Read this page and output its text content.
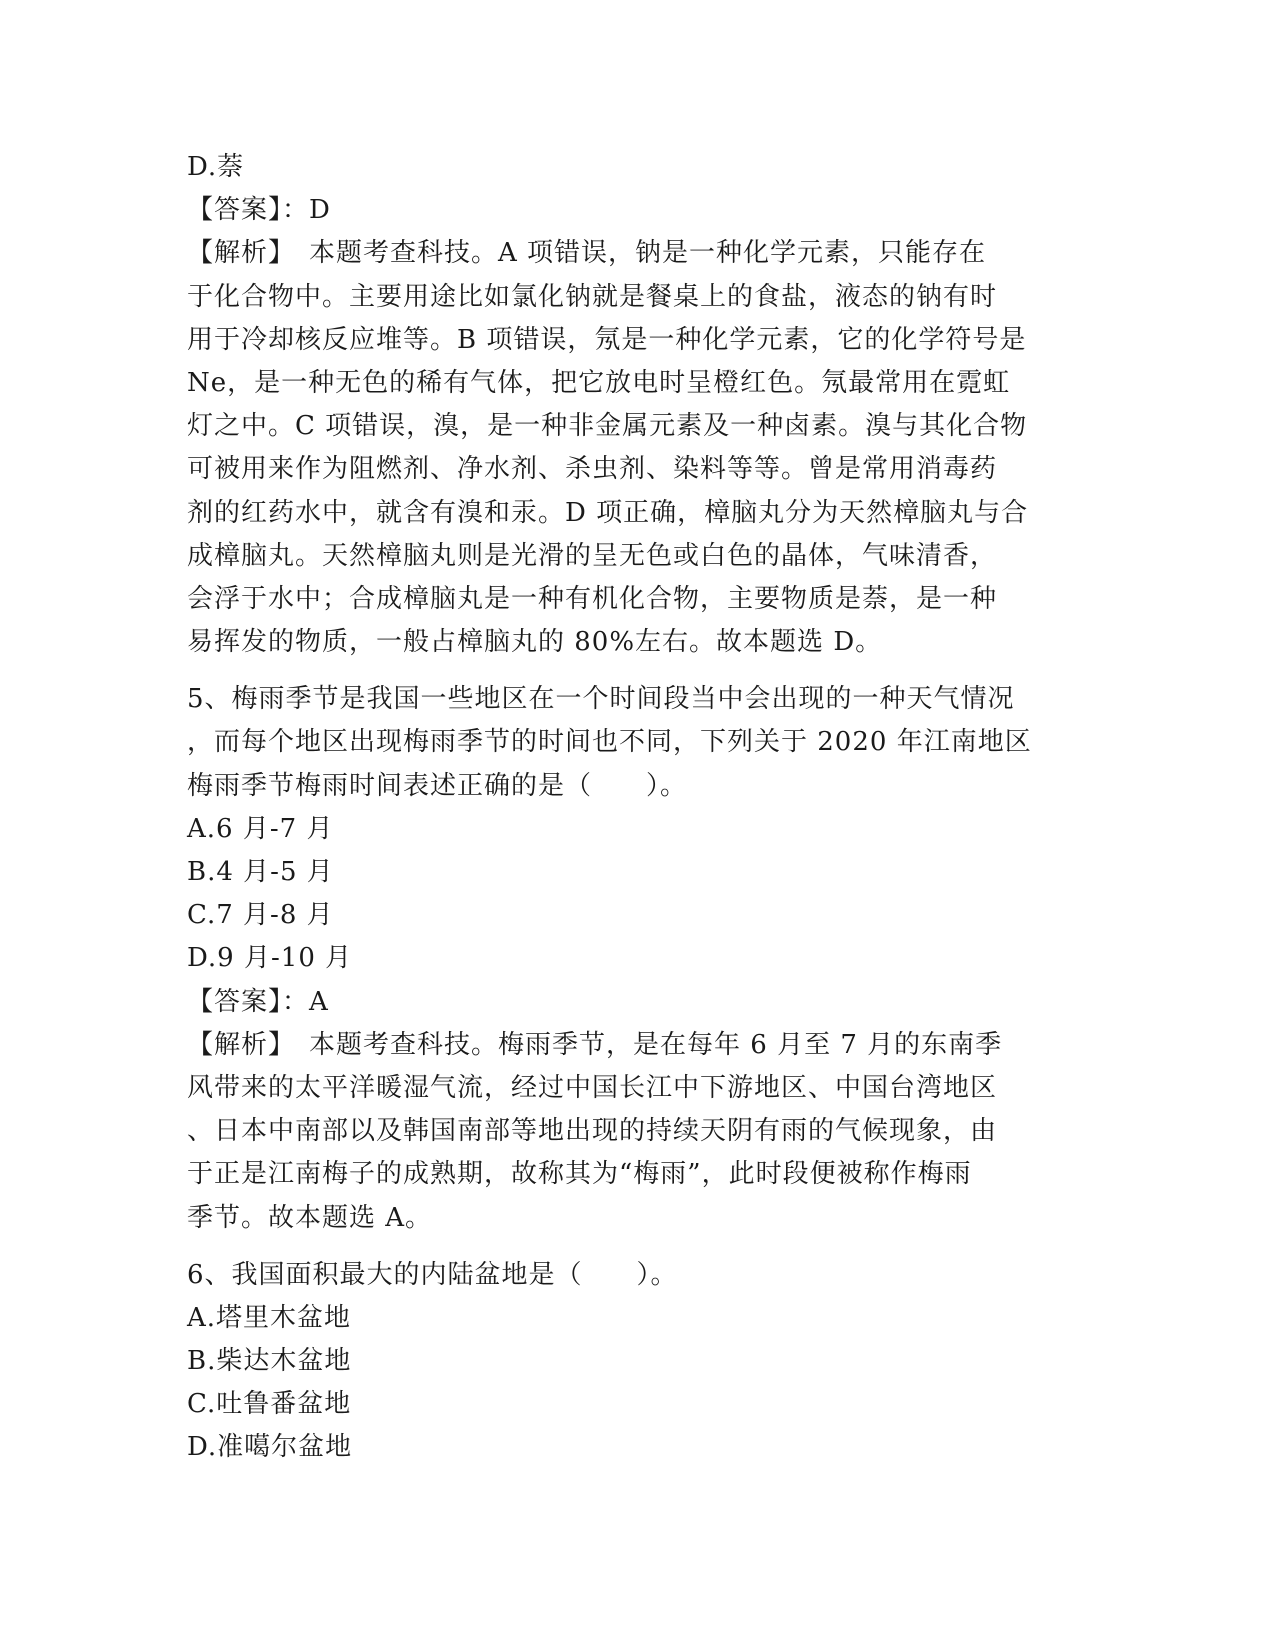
D.萘
【答案】：D
【解析】　本题考查科技。A 项错误，钠是一种化学元素，只能存在
于化合物中。主要用途比如氯化钠就是餐桌上的食盐，液态的钠有时
用于冷却核反应堆等。B 项错误，氖是一种化学元素，它的化学符号是
Ne，是一种无色的稀有气体，把它放电时呈橙红色。氖最常用在霓虹
灯之中。C 项错误，溴，是一种非金属元素及一种卤素。溴与其化合物
可被用来作为阻燃剂、净水剂、杀虫剂、染料等等。曾是常用消毒药
剂的红药水中，就含有溴和汞。D 项正确，樟脑丸分为天然樟脑丸与合
成樟脑丸。天然樟脑丸则是光滑的呈无色或白色的晶体，气味清香，
会浮于水中；合成樟脑丸是一种有机化合物，主要物质是萘，是一种
易挥发的物质，一般占樟脑丸的 80%左右。故本题选 D。
5、梅雨季节是我国一些地区在一个时间段当中会出现的一种天气情况
，而每个地区出现梅雨季节的时间也不同，下列关于 2020 年江南地区
梅雨季节梅雨时间表述正确的是（　　）。
A.6 月-7 月
B.4 月-5 月
C.7 月-8 月
D.9 月-10 月
【答案】：A
【解析】　本题考查科技。梅雨季节，是在每年 6 月至 7 月的东南季
风带来的太平洋暖湿气流，经过中国长江中下游地区、中国台湾地区
、日本中南部以及韩国南部等地出现的持续天阴有雨的气候现象，由
于正是江南梅子的成熟期，故称其为“梅雨”，此时段便被称作梅雨
季节。故本题选 A。
6、我国面积最大的内陆盆地是（　　）。
A.塔里木盆地
B.柴达木盆地
C.吐鲁番盆地
D.准噶尔盆地
